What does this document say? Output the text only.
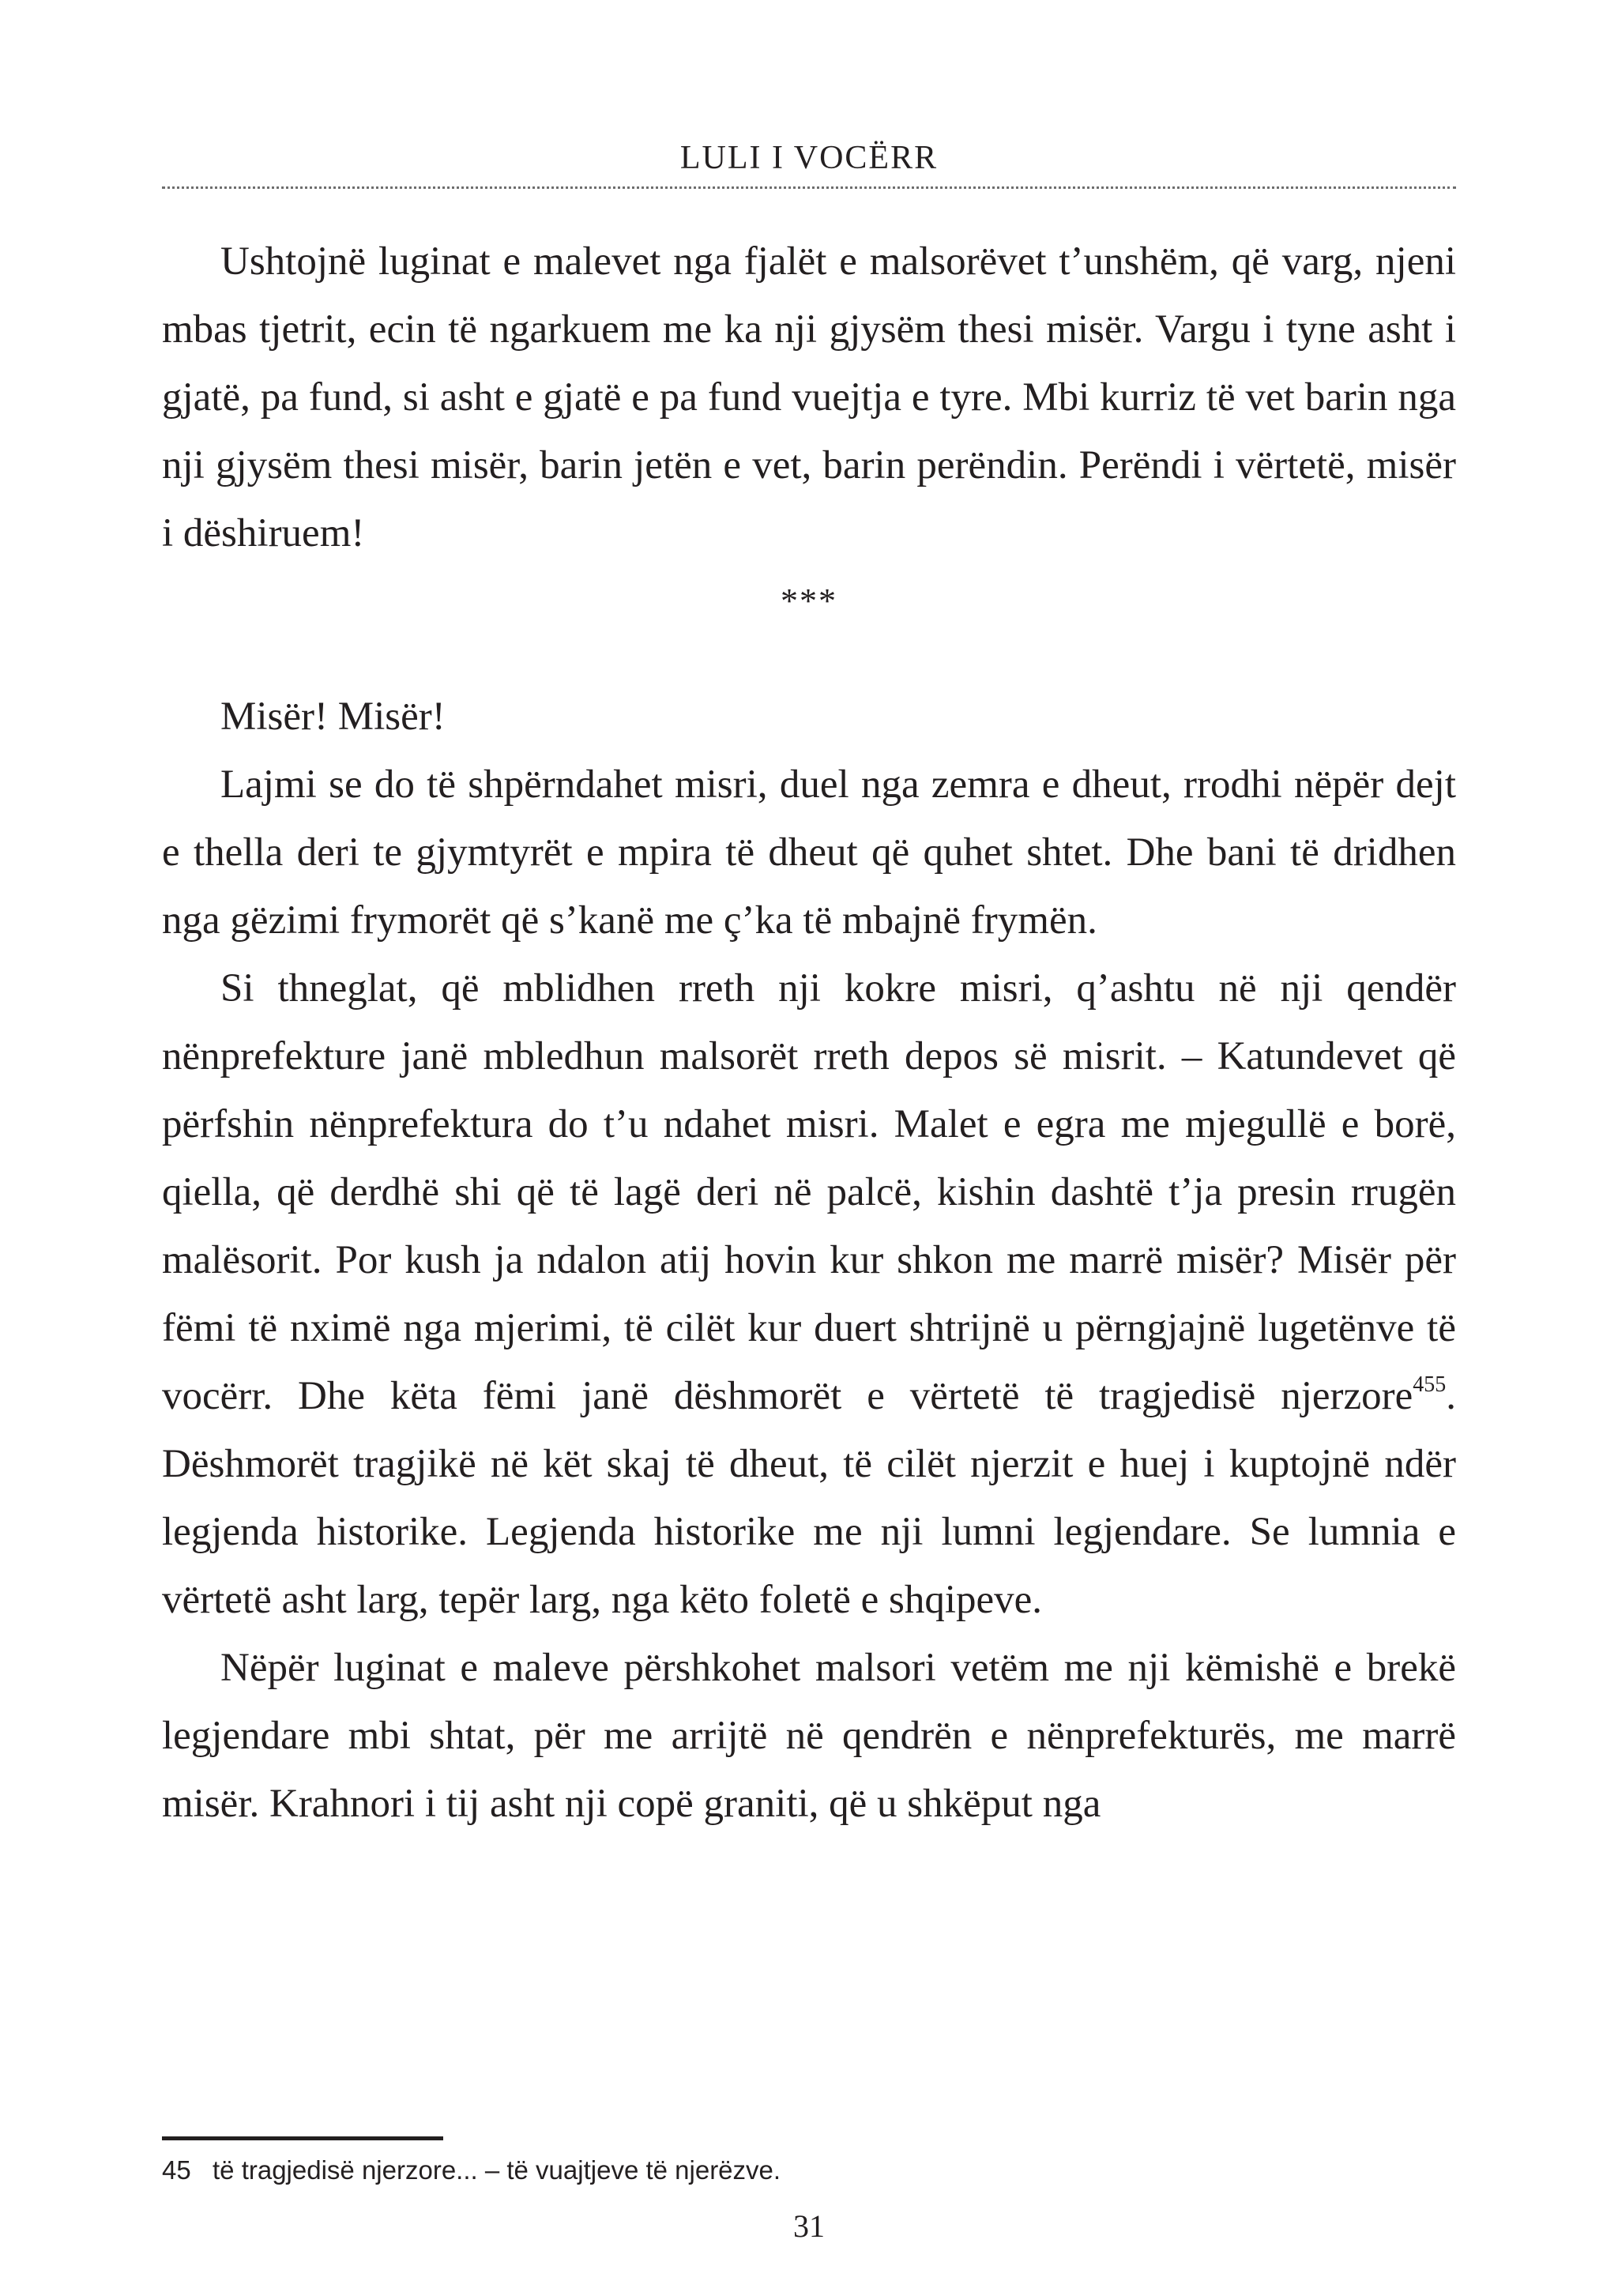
LULI I VOCËRR

Ushtojnë luginat e malevet nga fjalët e malsorëvet t’unshëm, që varg, njeni mbas tjetrit, ecin të ngarkuem me ka nji gjysëm thesi misër. Vargu i tyne asht i gjatë, pa fund, si asht e gjatë e pa fund vuejtja e tyre. Mbi kurriz të vet barin nga nji gjysëm thesi misër, barin jetën e vet, barin perëndin. Perëndi i vërtetë, misër i dëshiruem!

***

Misër! Misër!

Lajmi se do të shpërndahet misri, duel nga zemra e dheut, rrodhi nëpër dejt e thella deri te gjymtyrët e mpira të dheut që quhet shtet. Dhe bani të dridhen nga gëzimi frymorët që s’kanë me ç’ka të mbajnë frymën.

Si thneglat, që mblidhen rreth nji kokre misri, q’ashtu në nji qendër nënprefekture janë mbledhun malsorët rreth depos së misrit. – Katundevet që përfshin nënprefektura do t’u ndahet misri. Malet e egra me mjegullë e borë, qiella, që derdhë shi që të lagë deri në palcë, kishin dashtë t’ja presin rrugën malësorit. Por kush ja ndalon atij hovin kur shkon me marrë misër? Misër për fëmi të nximë nga mjerimi, të cilët kur duert shtrijnë u përngjajnë lugetënve të vocërr. Dhe këta fëmi janë dëshmorët e vërtetë të tragjedisë njerzore$^{455}$. Dëshmorët tragjikë në kët skaj të dheut, të cilët njerzit e huej i kuptojnë ndër legjenda historike. Legjenda historike me nji lumni legjendare. Se lumnia e vërtetë asht larg, tepër larg, nga këto foletë e shqipeve.

Nëpër luginat e maleve përshkohet malsori vetëm me nji këmishë e brekë legjendare mbi shtat, për me arrijtë në qendrën e nënprefekturës, me marrë misër. Krahnori i tij asht nji copë graniti, që u shkëput nga

45 të tragjedisë njerzore... – të vuajtjeve të njerëzve.
31
